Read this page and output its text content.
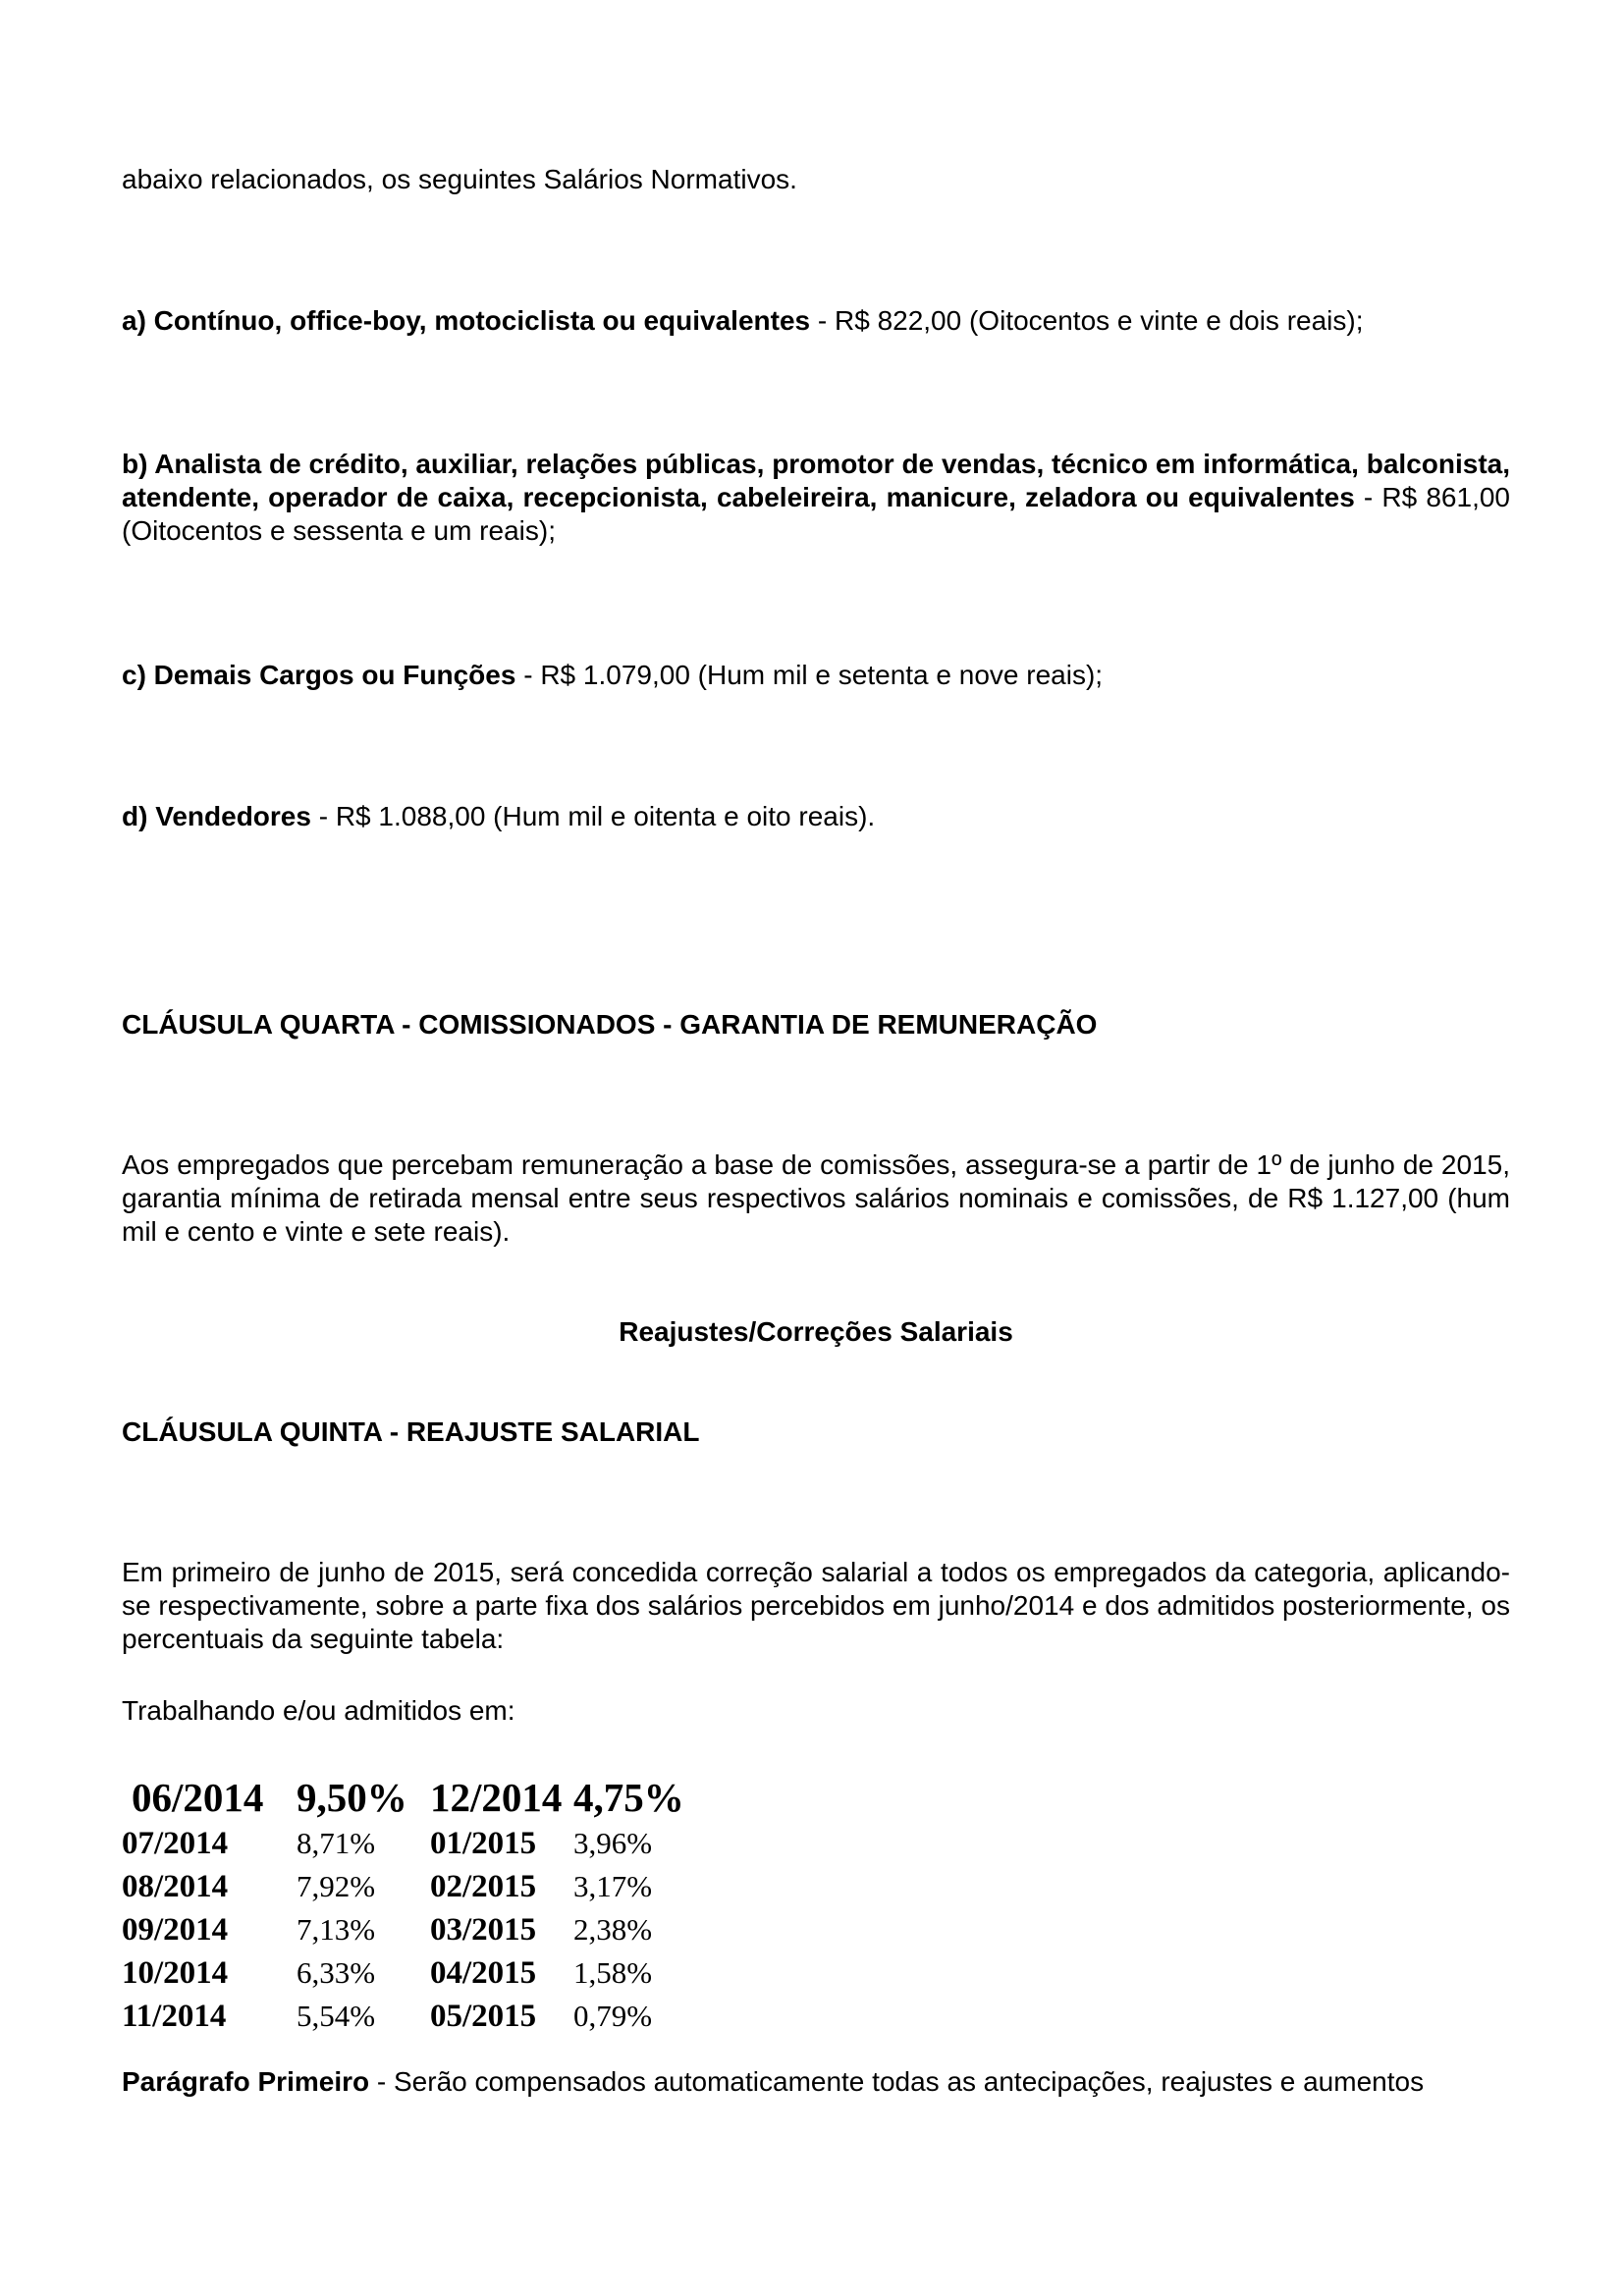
abaixo relacionados, os seguintes Salários Normativos.
a) Contínuo, office-boy, motociclista ou equivalentes - R$ 822,00 (Oitocentos e vinte e dois reais);
b) Analista de crédito, auxiliar, relações públicas, promotor de vendas, técnico em informática, balconista, atendente, operador de caixa, recepcionista, cabeleireira, manicure, zeladora ou equivalentes - R$ 861,00 (Oitocentos e sessenta e um reais);
c) Demais Cargos ou Funções - R$ 1.079,00 (Hum mil e setenta e nove reais);
d) Vendedores - R$ 1.088,00 (Hum mil e oitenta e oito reais).
CLÁUSULA QUARTA - COMISSIONADOS - GARANTIA DE REMUNERAÇÃO
Aos empregados que percebam remuneração a base de comissões, assegura-se a partir de 1º de junho de 2015, garantia mínima de retirada mensal entre seus respectivos salários nominais e comissões, de R$ 1.127,00 (hum mil e cento e vinte e sete reais).
Reajustes/Correções Salariais
CLÁUSULA QUINTA - REAJUSTE SALARIAL
Em primeiro de junho de 2015, será concedida correção salarial a todos os empregados da categoria, aplicando-se respectivamente, sobre a parte fixa dos salários percebidos em junho/2014 e dos admitidos posteriormente, os percentuais da seguinte tabela:
Trabalhando e/ou admitidos em:
06/2014	9,50%	12/2014	4,75%
07/2014	8,71%	01/2015	3,96%
08/2014	7,92%	02/2015	3,17%
09/2014	7,13%	03/2015	2,38%
10/2014	6,33%	04/2015	1,58%
11/2014	5,54%	05/2015	0,79%
Parágrafo Primeiro - Serão compensados automaticamente todas as antecipações, reajustes e aumentos
